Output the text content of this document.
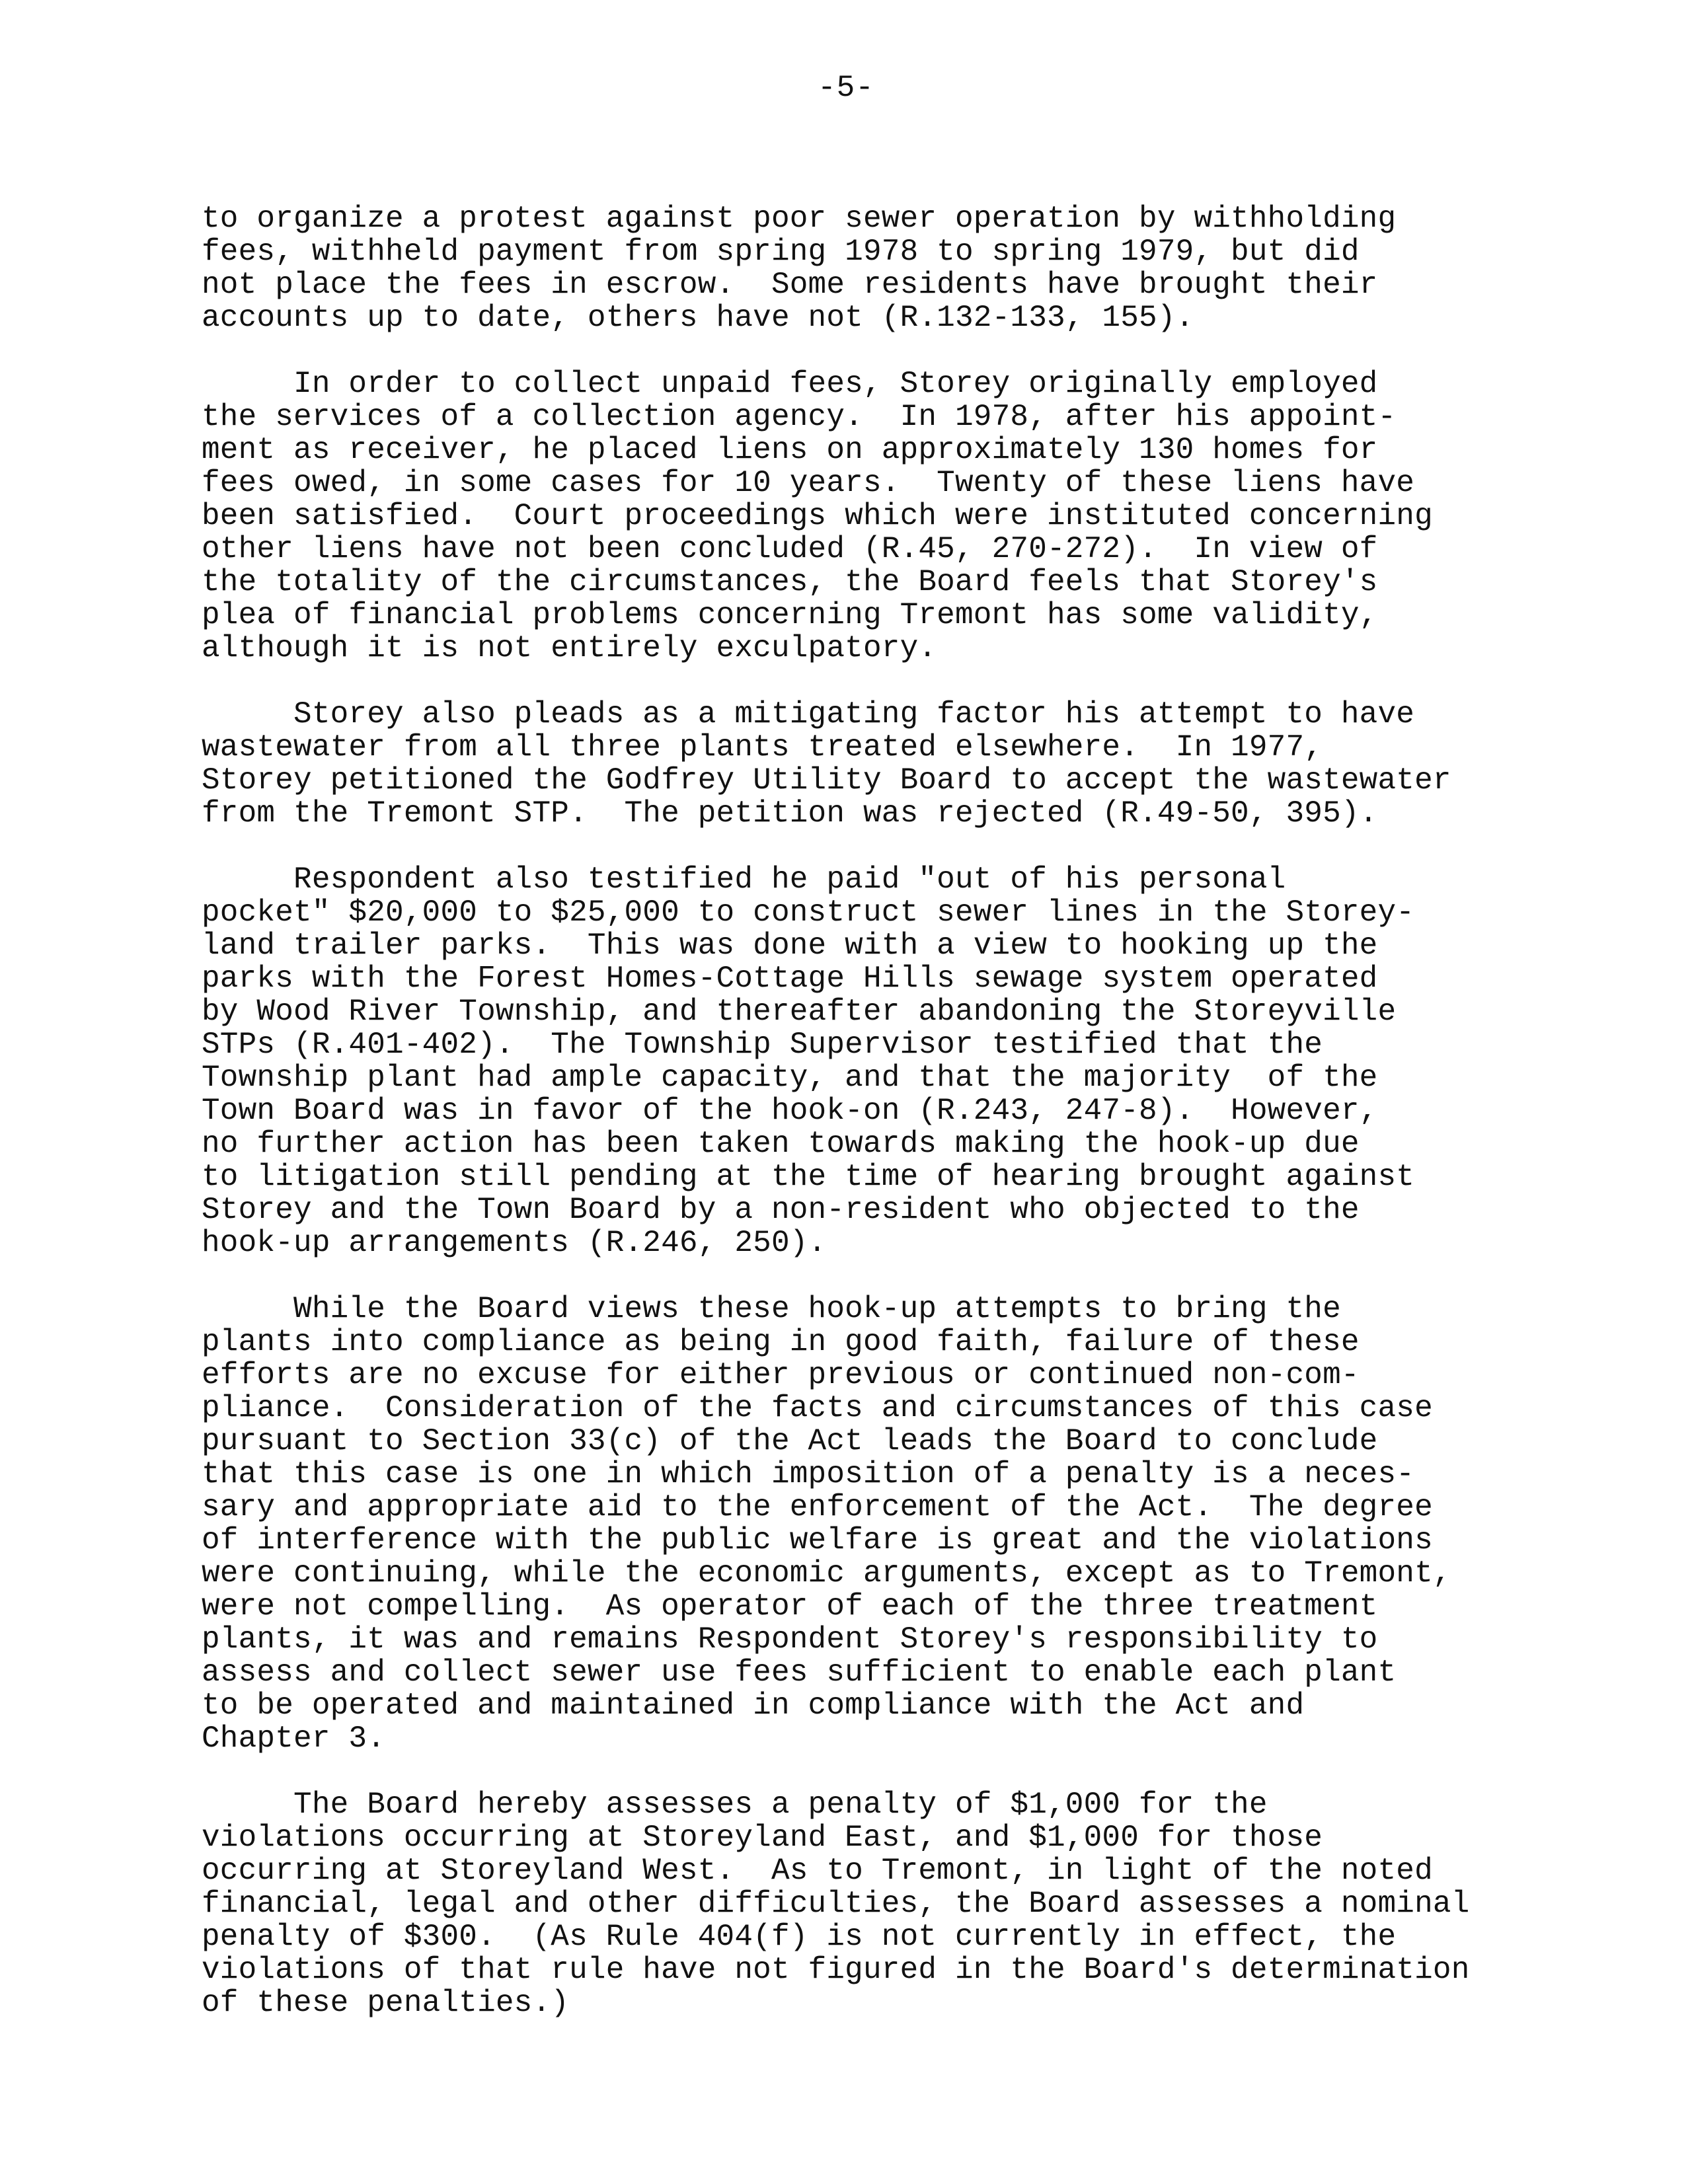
-5-
to organize a protest against poor sewer operation by withholding
fees, withheld payment from spring 1978 to spring 1979, but did
not place the fees in escrow.  Some residents have brought their
accounts up to date, others have not (R.132-133, 155).
In order to collect unpaid fees, Storey originally employed
the services of a collection agency.  In 1978, after his appoint-
ment as receiver, he placed liens on approximately 130 homes for
fees owed, in some cases for 10 years.  Twenty of these liens have
been satisfied.  Court proceedings which were instituted concerning
other liens have not been concluded (R.45, 270-272).  In view of
the totality of the circumstances, the Board feels that Storey's
plea of financial problems concerning Tremont has some validity,
although it is not entirely exculpatory.
Storey also pleads as a mitigating factor his attempt to have
wastewater from all three plants treated elsewhere.  In 1977,
Storey petitioned the Godfrey Utility Board to accept the wastewater
from the Tremont STP.  The petition was rejected (R.49-50, 395).
Respondent also testified he paid "out of his personal
pocket" $20,000 to $25,000 to construct sewer lines in the Storey-
land trailer parks.  This was done with a view to hooking up the
parks with the Forest Homes-Cottage Hills sewage system operated
by Wood River Township, and thereafter abandoning the Storeyville
STPs (R.401-402).  The Township Supervisor testified that the
Township plant had ample capacity, and that the majority  of the
Town Board was in favor of the hook-on (R.243, 247-8).  However,
no further action has been taken towards making the hook-up due
to litigation still pending at the time of hearing brought against
Storey and the Town Board by a non-resident who objected to the
hook-up arrangements (R.246, 250).
While the Board views these hook-up attempts to bring the
plants into compliance as being in good faith, failure of these
efforts are no excuse for either previous or continued non-com-
pliance.  Consideration of the facts and circumstances of this case
pursuant to Section 33(c) of the Act leads the Board to conclude
that this case is one in which imposition of a penalty is a neces-
sary and appropriate aid to the enforcement of the Act.  The degree
of interference with the public welfare is great and the violations
were continuing, while the economic arguments, except as to Tremont,
were not compelling.  As operator of each of the three treatment
plants, it was and remains Respondent Storey's responsibility to
assess and collect sewer use fees sufficient to enable each plant
to be operated and maintained in compliance with the Act and
Chapter 3.
The Board hereby assesses a penalty of $1,000 for the
violations occurring at Storeyland East, and $1,000 for those
occurring at Storeyland West.  As to Tremont, in light of the noted
financial, legal and other difficulties, the Board assesses a nominal
penalty of $300.  (As Rule 404(f) is not currently in effect, the
violations of that rule have not figured in the Board's determination
of these penalties.)
